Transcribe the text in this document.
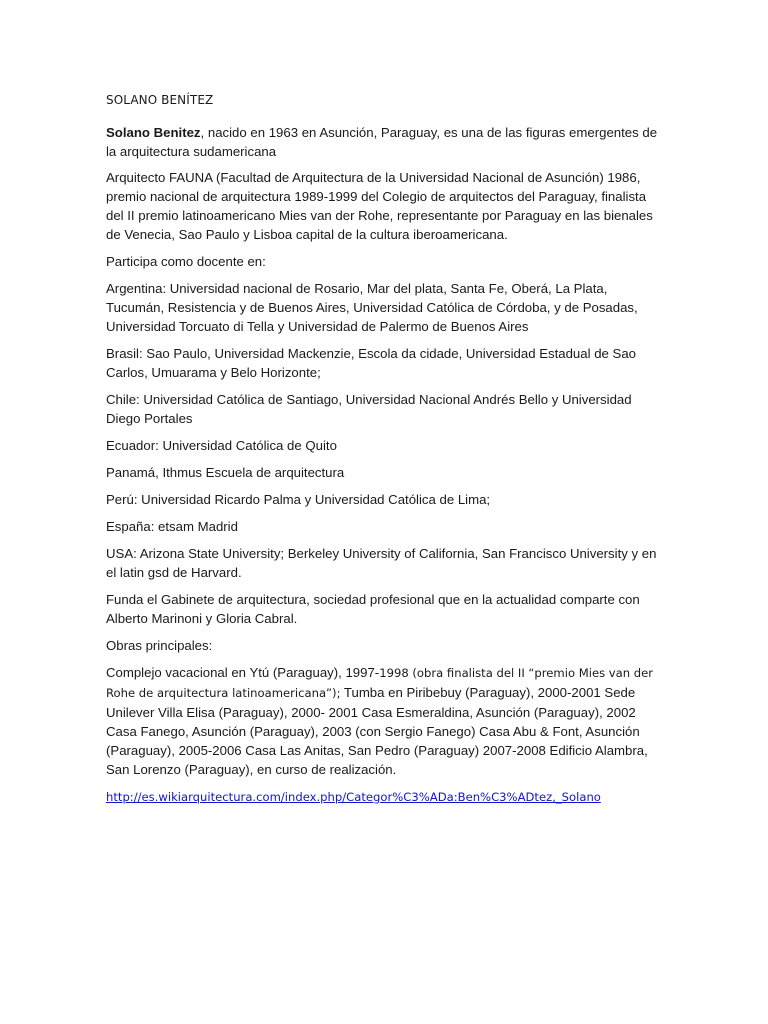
SOLANO BENÍTEZ

Solano Benitez, nacido en 1963 en Asunción, Paraguay, es una de las figuras emergentes de la arquitectura sudamericana

Arquitecto FAUNA (Facultad de Arquitectura de la Universidad Nacional de Asunción) 1986, premio nacional de arquitectura 1989-1999 del Colegio de arquitectos del Paraguay, finalista del II premio latinoamericano Mies van der Rohe, representante por Paraguay en las bienales de Venecia, Sao Paulo y Lisboa capital de la cultura iberoamericana.

Participa como docente en:

Argentina: Universidad nacional de Rosario, Mar del plata, Santa Fe, Oberá, La Plata, Tucumán, Resistencia y de Buenos Aires, Universidad Católica de Córdoba, y de Posadas, Universidad Torcuato di Tella y Universidad de Palermo de Buenos Aires

Brasil: Sao Paulo, Universidad Mackenzie, Escola da cidade, Universidad Estadual de Sao Carlos, Umuarama y Belo Horizonte;

Chile: Universidad Católica de Santiago, Universidad Nacional Andrés Bello y Universidad Diego Portales

Ecuador: Universidad Católica de Quito

Panamá, Ithmus Escuela de arquitectura

Perú: Universidad Ricardo Palma y Universidad Católica de Lima;

España: etsam Madrid

USA: Arizona State University; Berkeley University of California, San Francisco University y en el latin gsd de Harvard.

Funda el Gabinete de arquitectura, sociedad profesional que en la actualidad comparte con Alberto Marinoni y Gloria Cabral.

Obras principales:

Complejo vacacional en Ytú (Paraguay), 1997-1998 (obra finalista del II “premio Mies van der Rohe de arquitectura latinoamericana”); Tumba en Piribebuy (Paraguay), 2000-2001 Sede Unilever Villa Elisa (Paraguay), 2000- 2001 Casa Esmeraldina, Asunción (Paraguay), 2002 Casa Fanego, Asunción (Paraguay), 2003 (con Sergio Fanego) Casa Abu & Font, Asunción (Paraguay), 2005-2006 Casa Las Anitas, San Pedro (Paraguay) 2007-2008 Edificio Alambra, San Lorenzo (Paraguay), en curso de realización.

http://es.wikiarquitectura.com/index.php/Categor%C3%ADa:Ben%C3%ADtez,_Solano
